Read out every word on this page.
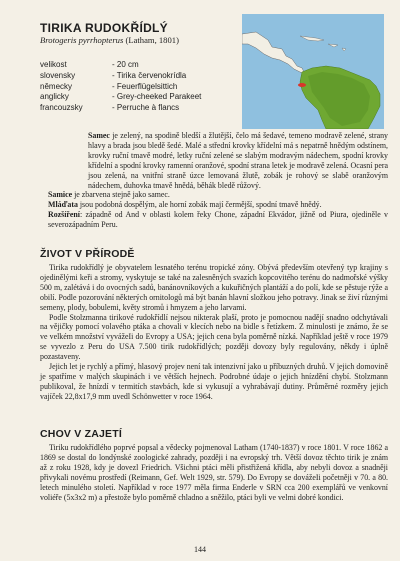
TIRIKA RUDOKŘÍDLÝ
Brotogeris pyrrhopterus (Latham, 1801)
velikost	- 20 cm
slovensky	- Tirika červenokrídla
německy	- Feuerflügelsittich
anglicky	- Grey-cheeked Parakeet
francouzsky	- Perruche à flancs

Samec je zelený, na spodině bledší a žlutější, čelo má šedavé, temeno modravě zelené, strany hlavy a brada jsou bledě šedé. Malé a střední krovky křídelní má s nepatrně hnědým odstínem, krovky ruční tmavě modré, letky ruční zelené se slabým modravým nádechem, spodní krovky křídelní a spodní krovky ramenní oranžové, spodní strana letek je modravě zelená. Ocasní pera jsou zelená, na vnitřní straně úzce lemovaná žlutě, zobák je rohový se slabě oranžovým nádechem, duhovka tmavě hnědá, běhák bledě růžový.

Samice je zbarvena stejně jako samec.

Mláďata jsou podobná dospělým, ale horní zobák mají čermější, spodní tmavě hnědý.

Rozšíření: západně od And v oblasti kolem řeky Chone, západní Ekvádor, jižně od Piura, ojediněle v severozápadním Peru.

ŽIVOT V PŘÍRODĚ

Tirika rudokřídlý je obyvatelem lesnatého terénu tropické zóny. Obývá především otevřený typ krajiny s ojedinělými keři a stromy, vyskytuje se také na zalesněných svazích kopcovitého terénu do nadmořské výšky 500 m, zalétává i do ovocných sadů, banánovníkových a kukuřičných plantáží a do polí, kde se pěstuje rýže a obilí. Podle pozorování některých ornitologů má být banán hlavní složkou jeho potravy. Jinak se živí různými semeny, plody, bobulemi, květy stromů i hmyzem a jeho larvami.

Podle Stolzmanna tirikové rudokřídlí nejsou nikterak plaší, proto je pomocnou nadějí snadno odchytávali na vějičky pomocí volavého ptáka a chovali v klecích nebo na bidle s řetízkem. Z minulosti je známo, že se ve velkém množství vyvážeIi do Evropy a USA; jejich cena byla poměrně nízká. Například ještě v roce 1979 se vyvezlo z Peru do USA 7.500 tirik rudokřídlých; později dovozy byly regulovány, někdy i úplně pozastaveny.

Jejich let je rychlý a přímý, hlasový projev není tak intenzivní jako u příbuzných druhů. V jejich domovině je spatříme v malých skupinách i ve větších hejnech. Podrobné údaje o jejich hnízdění chybí. Stolzmann publikoval, že hnízdí v termitích stavbách, kde si vykusují a vyhrabávají dutiny. Průměrné rozměry jejich vajíček 22,8x17,9 mm uvedl Schönwetter v roce 1964.

CHOV V ZAJETÍ

Tiriku rudokřídlého poprvé popsal a vědecky pojmenoval Latham (1740-1837) v roce 1801. V roce 1862 a 1869 se dostal do londýnské zoologické zahrady, později i na evropský trh. Větší dovoz těchto tirik je znám až z roku 1928, kdy je dovezl Friedrich. Všichni ptáci měli přistřižená křídla, aby nebyli dovoz a snadněji přivykali novému prostředí (Reimann, Gef. Welt 1929, str. 579). Do Evropy se dovážeIi početněji v 70. a 80. letech minulého století. Například v roce 1977 měla firma Enderle v SRN cca 200 exemplářů ve venkovní voliéře (5x3x2 m) a přestože bylo poměrně chladno a sněžilo, ptáci byli ve velmi dobré kondici.

144
